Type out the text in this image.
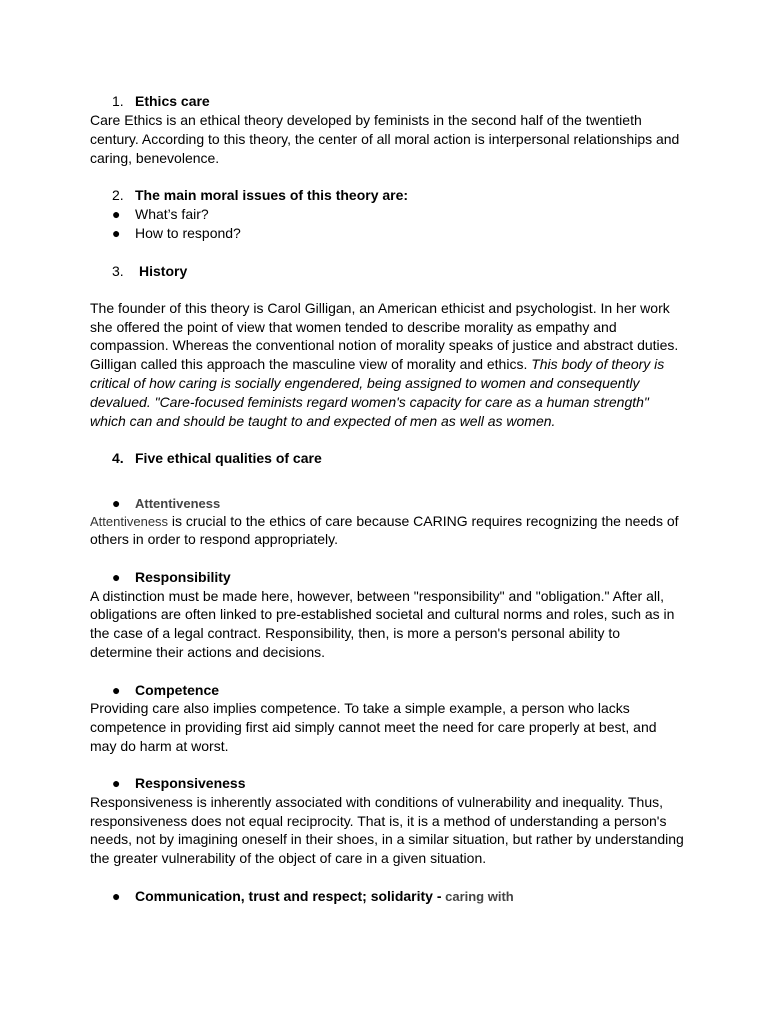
1. Ethics care
Care Ethics is an ethical theory developed by feminists in the second half of the twentieth
century. According to this theory, the center of all moral action is interpersonal relationships and
caring, benevolence.
2. The main moral issues of this theory are:
● What’s fair?
● How to respond?
3. History
The founder of this theory is Carol Gilligan, an American ethicist and psychologist. In her work
she offered the point of view that women tended to describe morality as empathy and
compassion. Whereas the conventional notion of morality speaks of justice and abstract duties.
Gilligan called this approach the masculine view of morality and ethics. This body of theory is
critical of how caring is socially engendered, being assigned to women and consequently
devalued. "Care-focused feminists regard women's capacity for care as a human strength"
which can and should be taught to and expected of men as well as women.
4. Five ethical qualities of care
● Attentiveness
Attentiveness is crucial to the ethics of care because CARING requires recognizing the needs of
others in order to respond appropriately.
● Responsibility
A distinction must be made here, however, between "responsibility" and "obligation." After all,
obligations are often linked to pre-established societal and cultural norms and roles, such as in
the case of a legal contract. Responsibility, then, is more a person's personal ability to
determine their actions and decisions.
● Competence
Providing care also implies competence. To take a simple example, a person who lacks
competence in providing first aid simply cannot meet the need for care properly at best, and
may do harm at worst.
● Responsiveness
Responsiveness is inherently associated with conditions of vulnerability and inequality. Thus,
responsiveness does not equal reciprocity. That is, it is a method of understanding a person's
needs, not by imagining oneself in their shoes, in a similar situation, but rather by understanding
the greater vulnerability of the object of care in a given situation.
● Communication, trust and respect; solidarity - caring with
